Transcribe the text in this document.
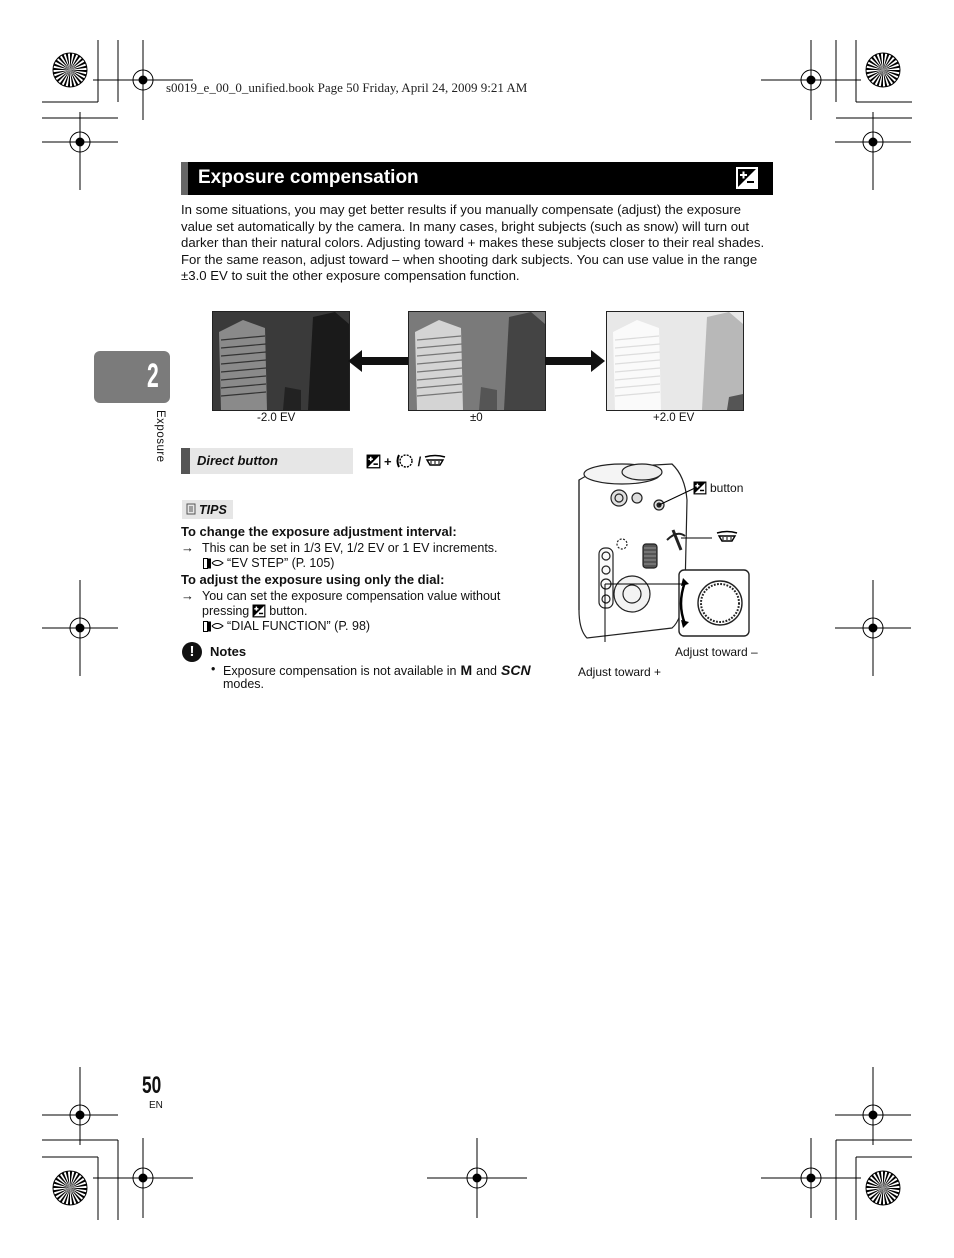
s0019_e_00_0_unified.book Page 50 Friday, April 24, 2009 9:21 AM
Exposure compensation
In some situations, you may get better results if you manually compensate (adjust) the exposure value set automatically by the camera. In many cases, bright subjects (such as snow) will turn out darker than their natural colors. Adjusting toward + makes these subjects closer to their real shades. For the same reason, adjust toward – when shooting dark subjects. You can use value in the range ±3.0 EV to suit the other exposure compensation function.
-2.0 EV	±0	+2.0 EV
2
Exposure Direct button	+ /
TIPS
To change the exposure adjustment interval:
→ This can be set in 1/3 EV, 1/2 EV or 1 EV increments.
“EV STEP” (P. 105)
To adjust the exposure using only the dial:
→ You can set the exposure compensation value without
pressing button.
“DIAL FUNCTION” (P. 98)
!	Notes
• Exposure compensation is not available in M and SCN
modes.
button
Adjust toward –
Adjust toward +
50
EN
